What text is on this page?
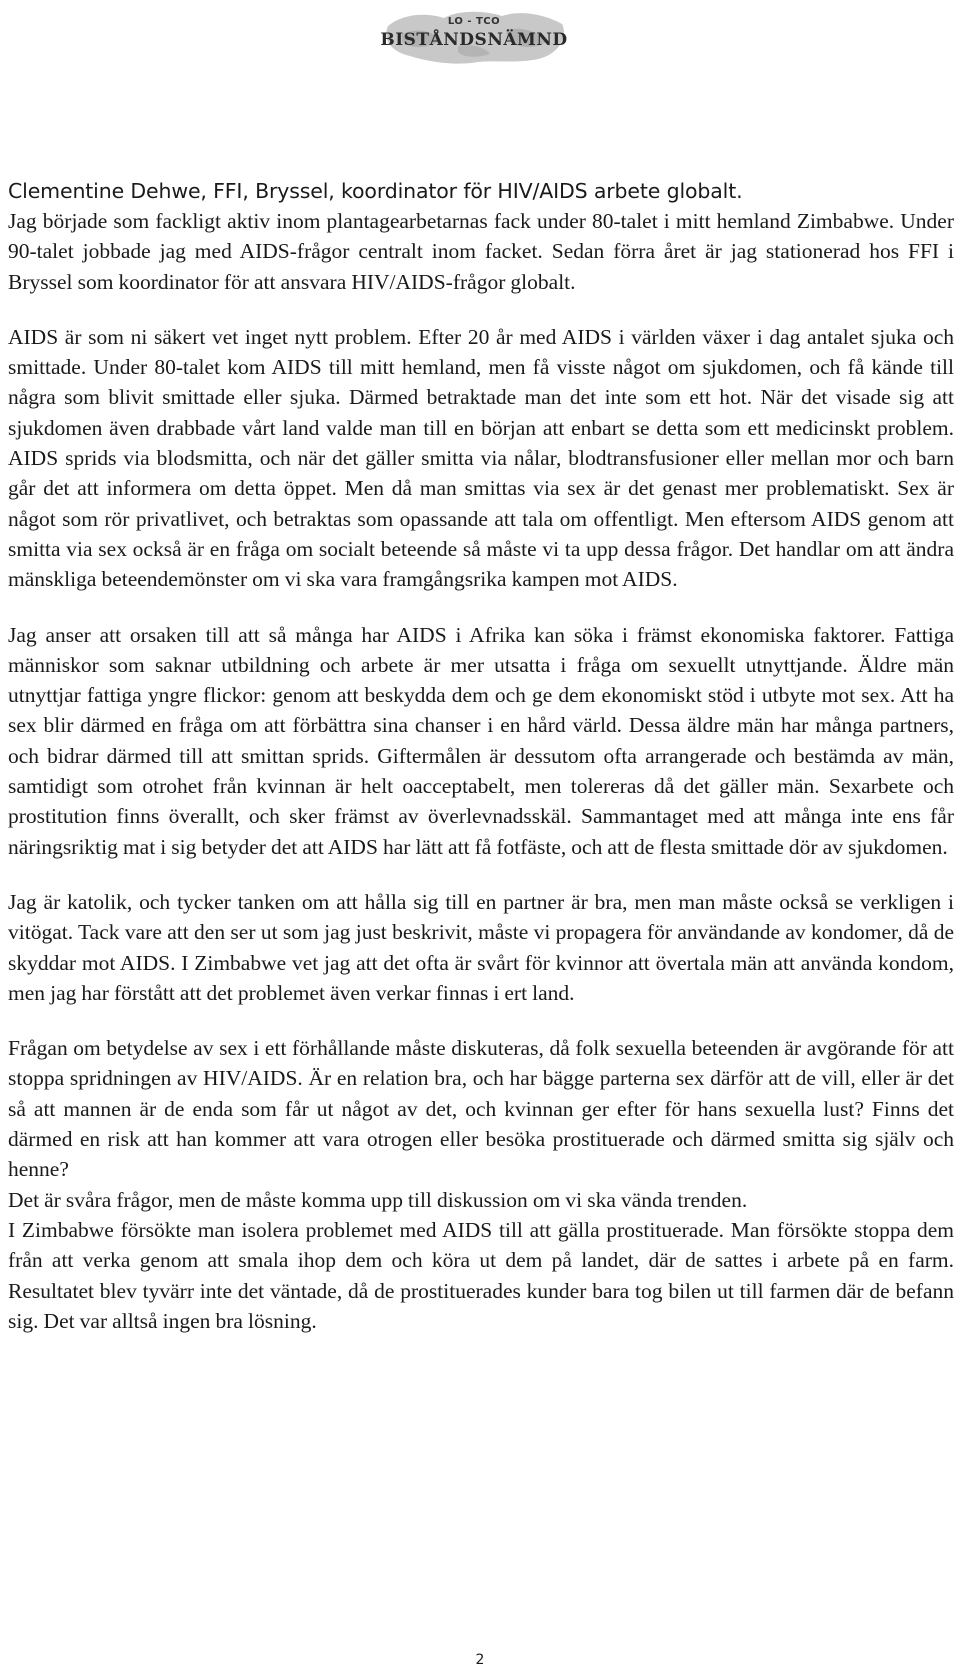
LO - TCO
BISTÅNDSNÄMND

Clementine Dehwe, FFI, Bryssel, koordinator för HIV/AIDS arbete globalt.

Jag började som fackligt aktiv inom plantagearbetarnas fack under 80-talet i mitt hemland Zimbabwe. Under 90-talet jobbade jag med AIDS-frågor centralt inom facket. Sedan förra året är jag stationerad hos FFI i Bryssel som koordinator för att ansvara HIV/AIDS-frågor globalt.

AIDS är som ni säkert vet inget nytt problem. Efter 20 år med AIDS i världen växer i dag antalet sjuka och smittade. Under 80-talet kom AIDS till mitt hemland, men få visste något om sjukdomen, och få kände till några som blivit smittade eller sjuka. Därmed betraktade man det inte som ett hot. När det visade sig att sjukdomen även drabbade vårt land valde man till en början att enbart se detta som ett medicinskt problem. AIDS sprids via blodsmitta, och när det gäller smitta via nålar, blodtransfusioner eller mellan mor och barn går det att informera om detta öppet. Men då man smittas via sex är det genast mer problematiskt. Sex är något som rör privatlivet, och betraktas som opassande att tala om offentligt. Men eftersom AIDS genom att smitta via sex också är en fråga om socialt beteende så måste vi ta upp dessa frågor. Det handlar om att ändra mänskliga beteendemönster om vi ska vara framgångsrika kampen mot AIDS.

Jag anser att orsaken till att så många har AIDS i Afrika kan söka i främst ekonomiska faktorer. Fattiga människor som saknar utbildning och arbete är mer utsatta i fråga om sexuellt utnyttjande. Äldre män utnyttjar fattiga yngre flickor: genom att beskydda dem och ge dem ekonomiskt stöd i utbyte mot sex. Att ha sex blir därmed en fråga om att förbättra sina chanser i en hård värld. Dessa äldre män har många partners, och bidrar därmed till att smittan sprids. Giftermålen är dessutom ofta arrangerade och bestämda av män, samtidigt som otrohet från kvinnan är helt oacceptabelt, men tolereras då det gäller män. Sexarbete och prostitution finns överallt, och sker främst av överlevnadsskäl. Sammantaget med att många inte ens får näringsriktig mat i sig betyder det att AIDS har lätt att få fotfäste, och att de flesta smittade dör av sjukdomen.

Jag är katolik, och tycker tanken om att hålla sig till en partner är bra, men man måste också se verkligen i vitögat. Tack vare att den ser ut som jag just beskrivit, måste vi propagera för användande av kondomer, då de skyddar mot AIDS. I Zimbabwe vet jag att det ofta är svårt för kvinnor att övertala män att använda kondom, men jag har förstått att det problemet även verkar finnas i ert land.

Frågan om betydelse av sex i ett förhållande måste diskuteras, då folk sexuella beteenden är avgörande för att stoppa spridningen av HIV/AIDS. Är en relation bra, och har bägge parterna sex därför att de vill, eller är det så att mannen är de enda som får ut något av det, och kvinnan ger efter för hans sexuella lust? Finns det därmed en risk att han kommer att vara otrogen eller besöka prostituerade och därmed smitta sig själv och henne?

Det är svåra frågor, men de måste komma upp till diskussion om vi ska vända trenden.

I Zimbabwe försökte man isolera problemet med AIDS till att gälla prostituerade. Man försökte stoppa dem från att verka genom att smala ihop dem och köra ut dem på landet, där de sattes i arbete på en farm. Resultatet blev tyvärr inte det väntade, då de prostituerades kunder bara tog bilen ut till farmen där de befann sig. Det var alltså ingen bra lösning.

2
